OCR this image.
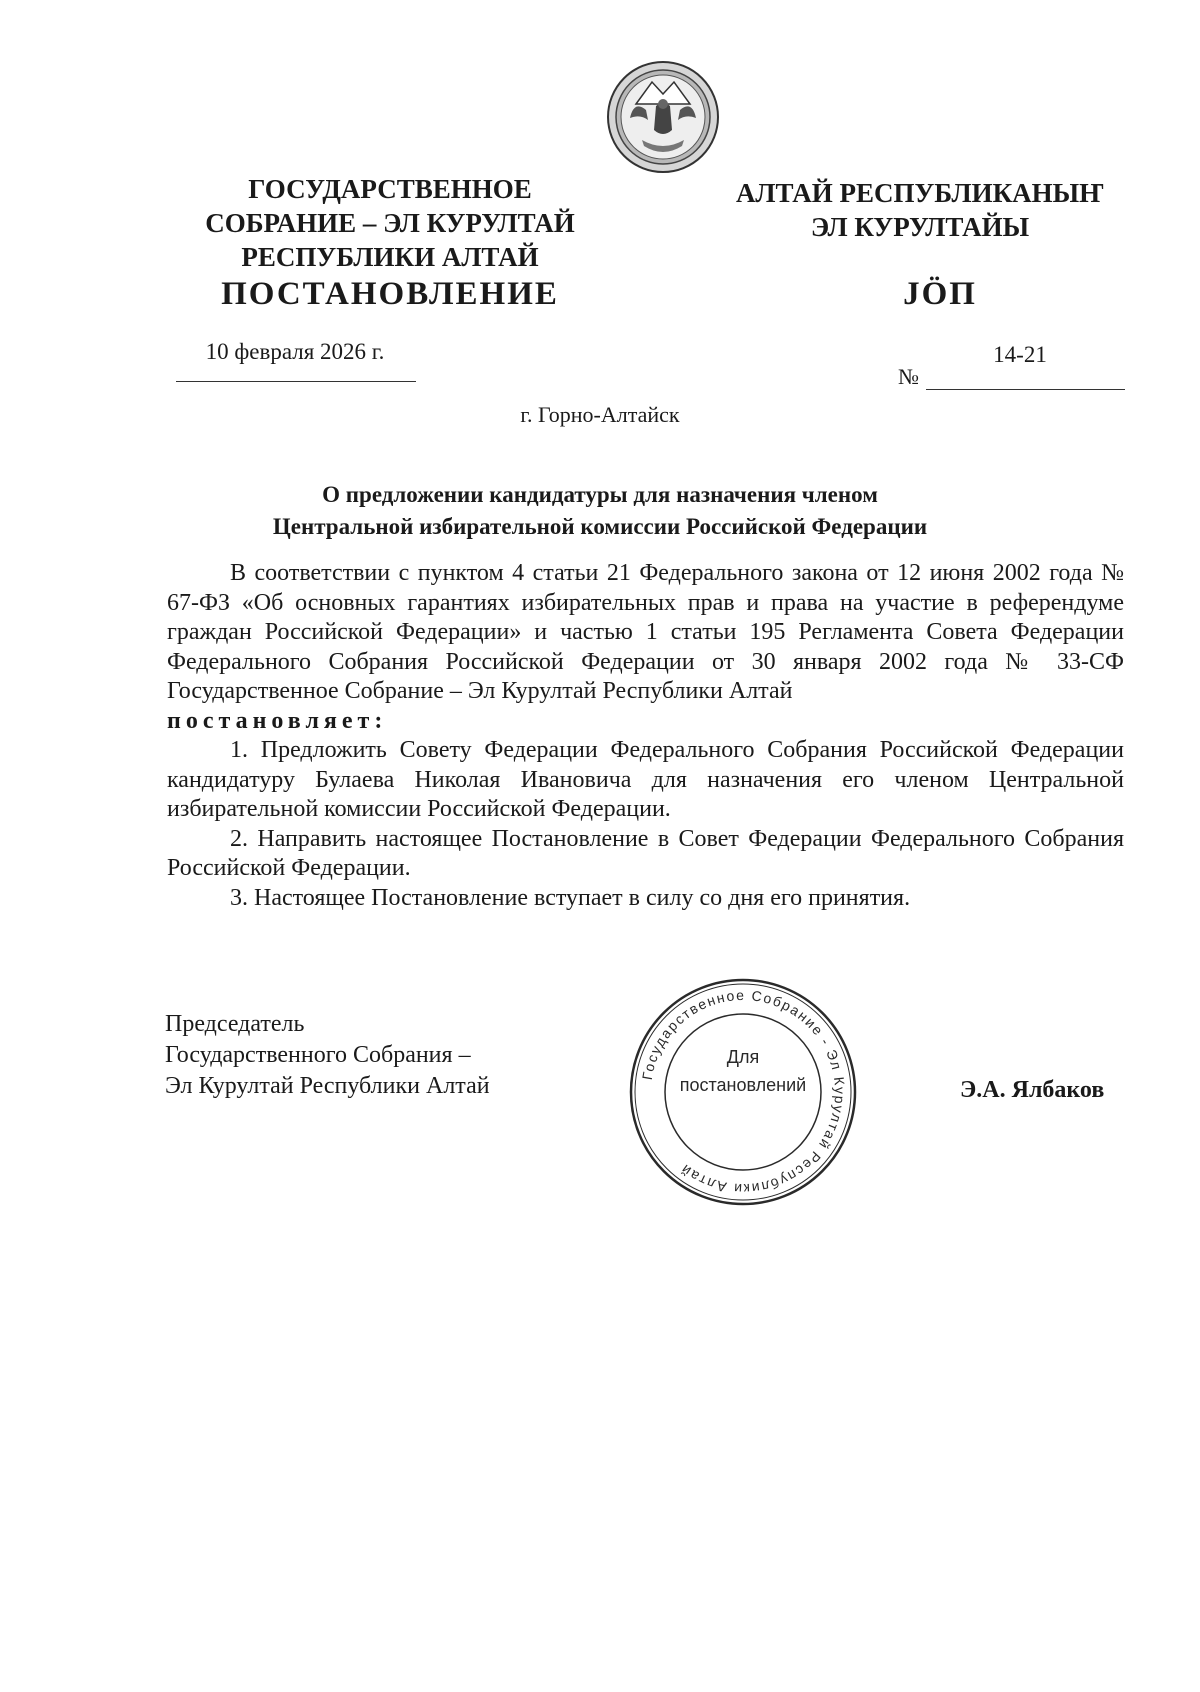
ГОСУДАРСТВЕННОЕ
СОБРАНИЕ – ЭЛ КУРУЛТАЙ
РЕСПУБЛИКИ АЛТАЙ
АЛТАЙ РЕСПУБЛИКАНЫҤ
ЭЛ КУРУЛТАЙЫ
ПОСТАНОВЛЕНИЕ	JӦП
10 февраля 2026 г.
№
14-21
г. Горно-Алтайск
О предложении кандидатуры для назначения членом
Центральной избирательной комиссии Российской Федерации

В соответствии с пунктом 4 статьи 21 Федерального закона от 12 июня 2002 года № 67-ФЗ «Об основных гарантиях избирательных прав и права на участие в референдуме граждан Российской Федерации» и частью 1 статьи 195 Регламента Совета Федерации Федерального Собрания Российской Федерации от 30 января 2002 года № 33-СФ Государственное Собрание – Эл Курултай Республики Алтай

постановляет:

1. Предложить Совету Федерации Федерального Собрания Российской Федерации кандидатуру Булаева Николая Ивановича для назначения его членом Центральной избирательной комиссии Российской Федерации.

2. Направить настоящее Постановление в Совет Федерации Федерального Собрания Российской Федерации.

3. Настоящее Постановление вступает в силу со дня его принятия.

Председатель
Государственного Собрания –
Эл Курултай Республики Алтай	Э.А. Ялбаков
Государственное Собрание - Эл Курултай Республики Алтай
Для
постановлений
